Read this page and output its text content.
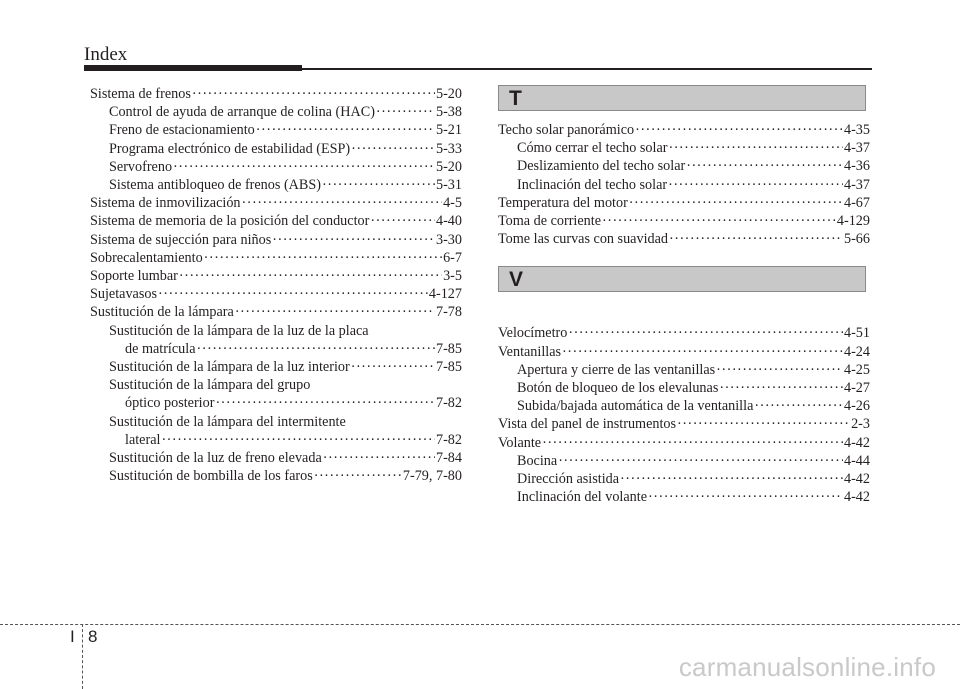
Index
Sistema de frenos ·····	5-20
Control de ayuda de arranque de colina (HAC) ·····	5-38
Freno de estacionamiento ·····	5-21
Programa electrónico de estabilidad (ESP) ·····	5-33
Servofreno ·····	5-20
Sistema antibloqueo de frenos (ABS) ·····	5-31
Sistema de inmovilización ·····	4-5
Sistema de memoria de la posición del conductor ·····	4-40
Sistema de sujección para niños ·····	3-30
Sobrecalentamiento ·····	6-7
Soporte lumbar ·····	3-5
Sujetavasos ·····	4-127
Sustitución de la lámpara ·····	7-78
Sustitución de la lámpara de la luz de la placa
de matrícula ·····	7-85
Sustitución de la lámpara de la luz interior ·····	7-85
Sustitución de la lámpara del grupo
óptico posterior ·····	7-82
Sustitución de la lámpara del intermitente
lateral ·····	7-82
Sustitución de la luz de freno elevada ·····	7-84
Sustitución de bombilla de los faros ·····	7-79, 7-80
T
Techo solar panorámico ·····	4-35
Cómo cerrar el techo solar ·····	4-37
Deslizamiento del techo solar ·····	4-36
Inclinación del techo solar ·····	4-37
Temperatura del motor ·····	4-67
Toma de corriente ·····	4-129
Tome las curvas con suavidad ·····	5-66
V
Velocímetro ·····	4-51
Ventanillas ·····	4-24
Apertura y cierre de las ventanillas ·····	4-25
Botón de bloqueo de los elevalunas ·····	4-27
Subida/bajada automática de la ventanilla ·····	4-26
Vista del panel de instrumentos ·····	2-3
Volante ·····	4-42
Bocina ·····	4-44
Dirección asistida ·····	4-42
Inclinación del volante ·····	4-42
I 8
carmanualsonline.info
